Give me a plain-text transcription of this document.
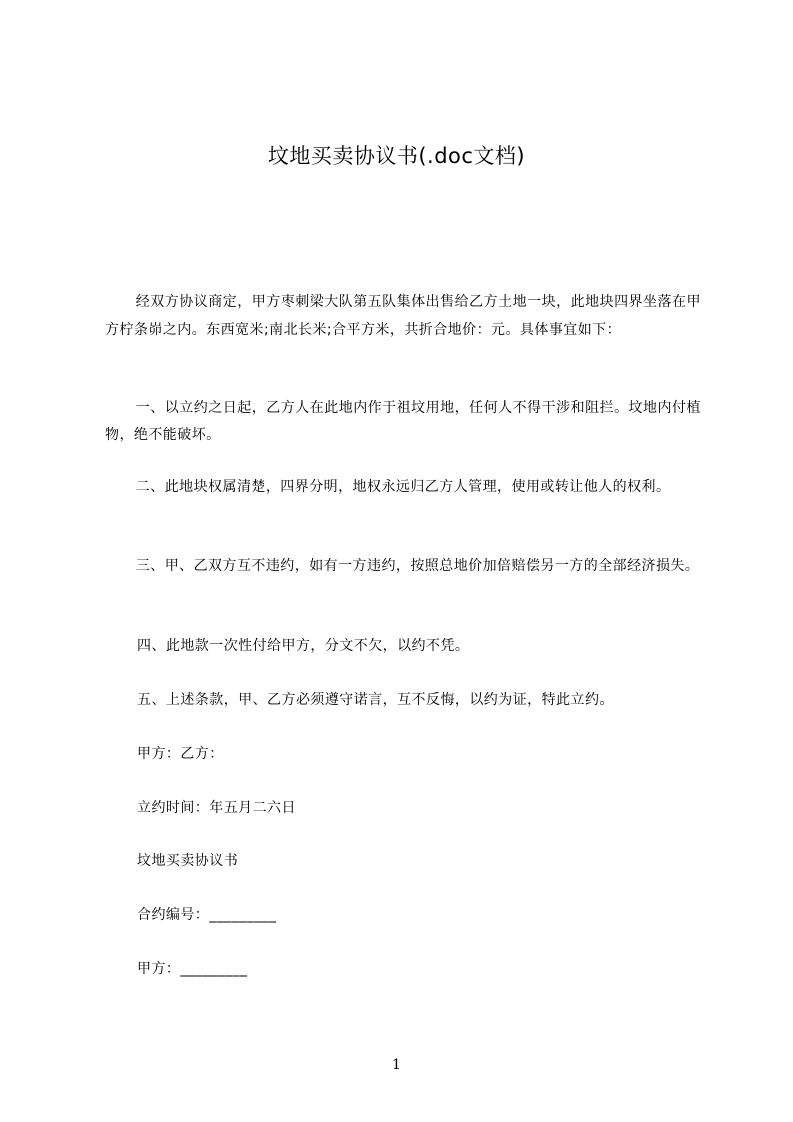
坟地买卖协议书(.doc文档)

经双方协议商定，甲方枣刺梁大队第五队集体出售给乙方土地一块，此地块四界坐落在甲方柠条峁之内。东西宽米;南北长米;合平方米，共折合地价：元。具体事宜如下：

一、以立约之日起，乙方人在此地内作于祖坟用地，任何人不得干涉和阻拦。坟地内付植物，绝不能破坏。

二、此地块权属清楚，四界分明，地权永远归乙方人管理，使用或转让他人的权利。

三、甲、乙双方互不违约，如有一方违约，按照总地价加倍赔偿另一方的全部经济损失。

四、此地款一次性付给甲方，分文不欠，以约不凭。

五、上述条款，甲、乙方必须遵守诺言，互不反悔，以约为证，特此立约。

甲方：乙方：

立约时间：年五月二六日

坟地买卖协议书

合约编号：_________

甲方：_________

1
